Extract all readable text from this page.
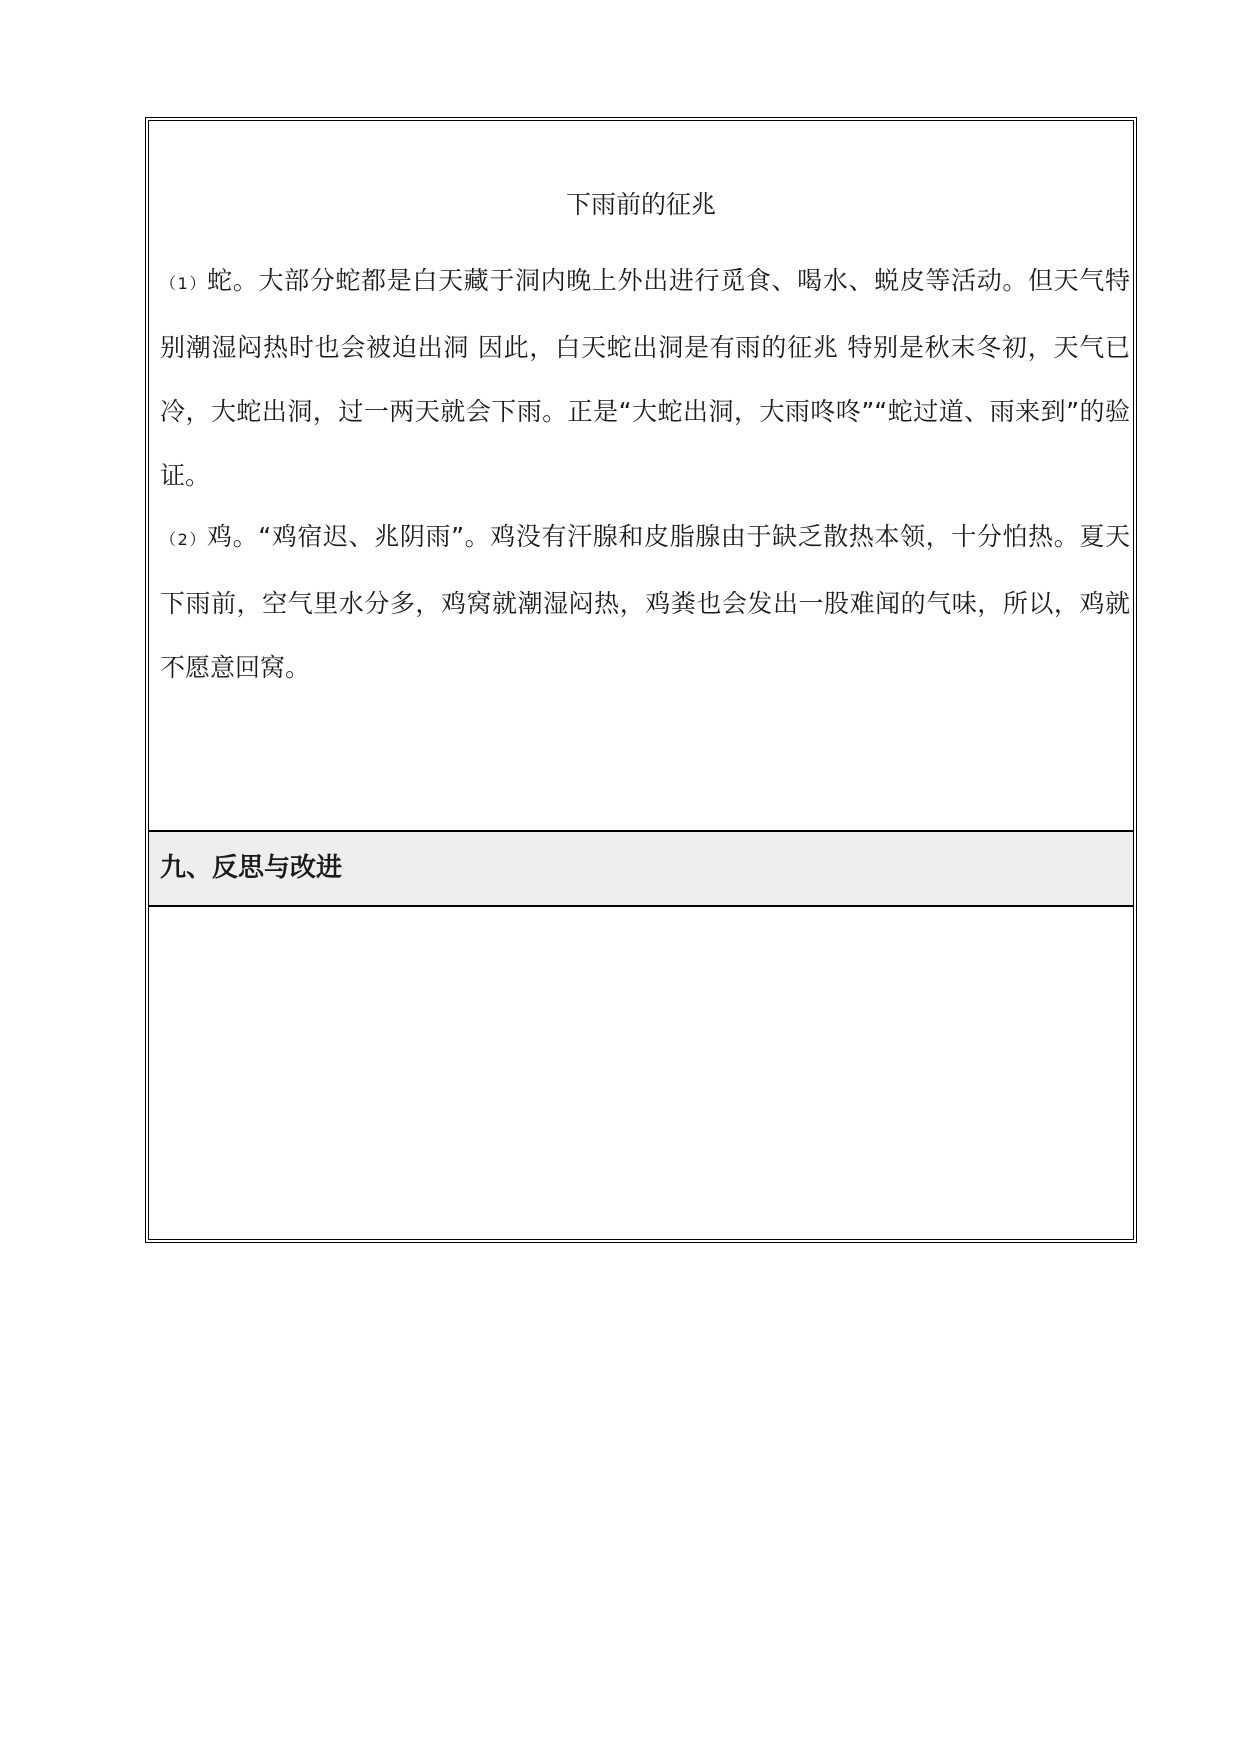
下雨前的征兆
（1）蛇。大部分蛇都是白天藏于洞内晚上外出进行觅食、喝水、蜕皮等活动。但天气特别潮湿闷热时也会被迫出洞 因此，白天蛇出洞是有雨的征兆 特别是秋末冬初，天气已冷，大蛇出洞，过一两天就会下雨。正是“大蛇出洞，大雨咚咚”“蛇过道、雨来到”的验证。
（2）鸡。“鸡宿迟、兆阴雨”。鸡没有汗腺和皮脂腺由于缺乏散热本领，十分怕热。夏天下雨前，空气里水分多，鸡窝就潮湿闷热，鸡粪也会发出一股难闻的气味，所以，鸡就不愿意回窝。
九、反思与改进
